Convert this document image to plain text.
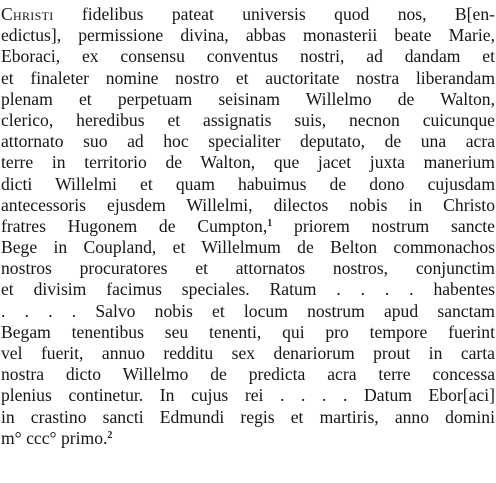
Christi fidelibus pateat universis quod nos, B[en-
edictus], permissione divina, abbas monasterii beate Marie,
Eboraci, ex consensu conventus nostri, ad dandam et
et finaleter nomine nostro et auctoritate nostra liberandam
plenam et perpetuam seisinam Willelmo de Walton,
clerico, heredibus et assignatis suis, necnon cuicunque
attornato suo ad hoc specialiter deputato, de una acra
terre in territorio de Walton, que jacet juxta manerium
dicti Willelmi et quam habuimus de dono cujusdam
antecessoris ejusdem Willelmi, dilectos nobis in Christo
fratres Hugonem de Cumpton,$^1$ priorem nostrum sancte
Bege in Coupland, et Willelmum de Belton commonachos
nostros procuratores et attornatos nostros, conjunctim
et divisim facimus speciales. Ratum . . . . habentes
. . . . Salvo nobis et locum nostrum apud sanctam
Begam tenentibus seu tenenti, qui pro tempore fuerint
vel fuerit, annuo redditu sex denariorum prout in carta
nostra dicto Willelmo de predicta acra terre concessa
plenius continetur. In cujus rei . . . . Datum Ebor[aci]
in crastino sancti Edmundi regis et martiris, anno domini
m° ccc° primo.$^2$
